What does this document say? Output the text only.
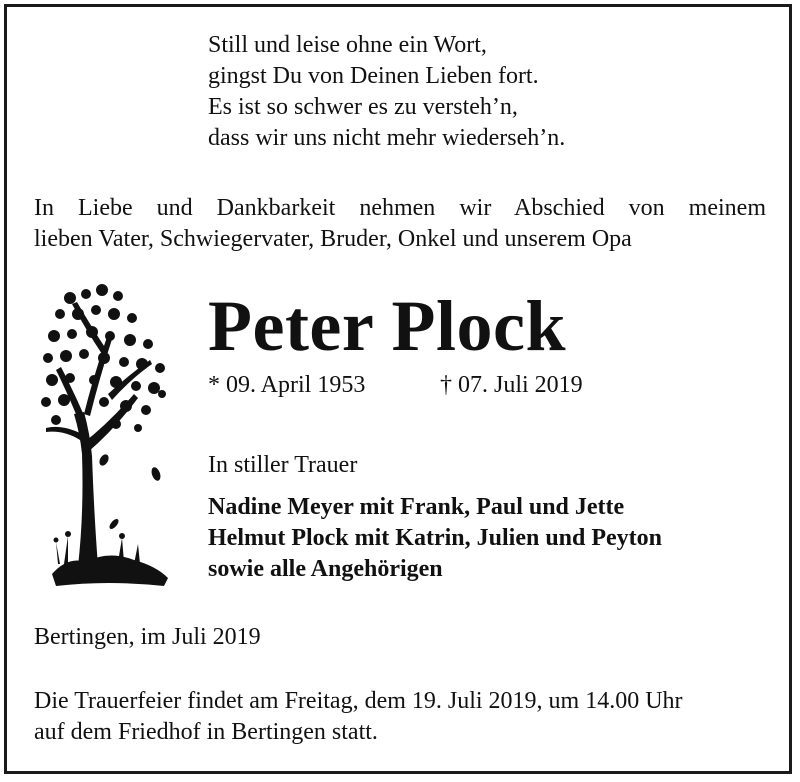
Still und leise ohne ein Wort,
gingst Du von Deinen Lieben fort.
Es ist so schwer es zu versteh’n,
dass wir uns nicht mehr wiederseh’n.
In Liebe und Dankbarkeit nehmen wir Abschied von meinem
lieben Vater, Schwiegervater, Bruder, Onkel und unserem Opa
Peter Plock
* 09. April 1953	† 07. Juli 2019
In stiller Trauer
Nadine Meyer mit Frank, Paul und Jette
Helmut Plock mit Katrin, Julien und Peyton
sowie alle Angehörigen
Bertingen, im Juli 2019
Die Trauerfeier findet am Freitag, dem 19. Juli 2019, um 14.00 Uhr
auf dem Friedhof in Bertingen statt.
